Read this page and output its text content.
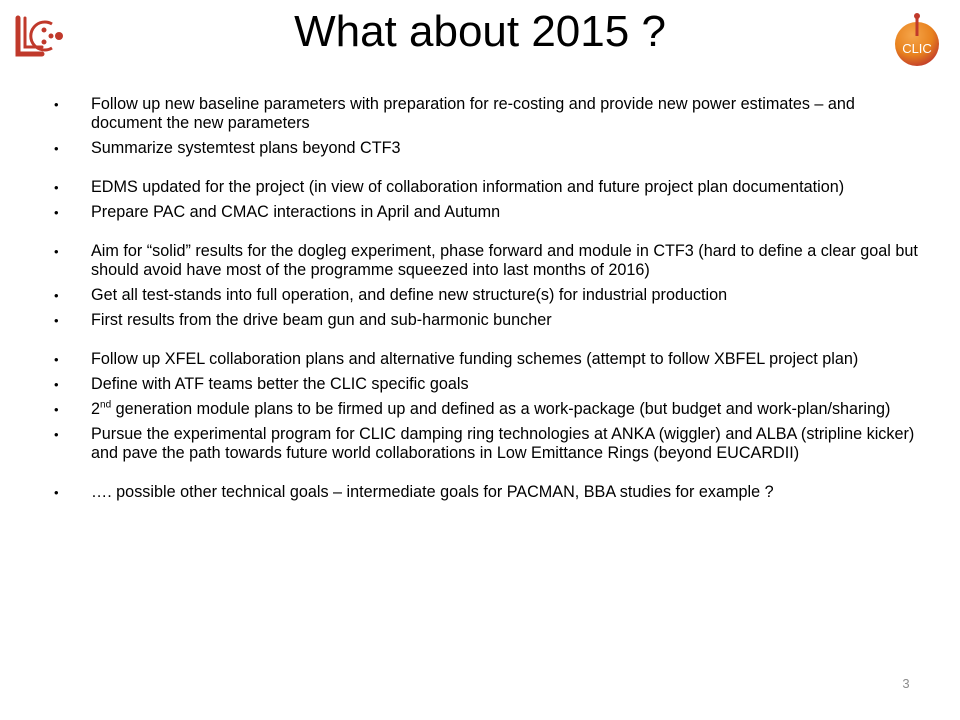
What about 2015 ?	CLIC
•	Follow up new baseline parameters with preparation for re-costing and provide new power estimates – and document the new parameters
•	Summarize systemtest plans beyond CTF3
•	EDMS updated for the project (in view of collaboration information and future project plan documentation)
•	Prepare PAC and CMAC interactions in April and Autumn
•	Aim for “solid” results for the dogleg experiment, phase forward and module in CTF3 (hard to define a clear goal but should avoid have most of the programme squeezed into last months of 2016)
•	Get all test-stands into full operation, and define new structure(s) for industrial production
•	First results from the drive beam gun and sub-harmonic buncher
•	Follow up XFEL collaboration plans and alternative funding schemes (attempt to follow XBFEL project plan)
•	Define with ATF teams better the CLIC specific goals
•	2nd generation module plans to be firmed up and defined as a work-package (but budget and work-plan/sharing)
•	Pursue the experimental program for CLIC damping ring technologies at ANKA (wiggler) and ALBA (stripline kicker) and pave the path towards future world collaborations in Low Emittance Rings (beyond EUCARDII)
•	…. possible other technical goals – intermediate goals for PACMAN, BBA studies for example ?
3
